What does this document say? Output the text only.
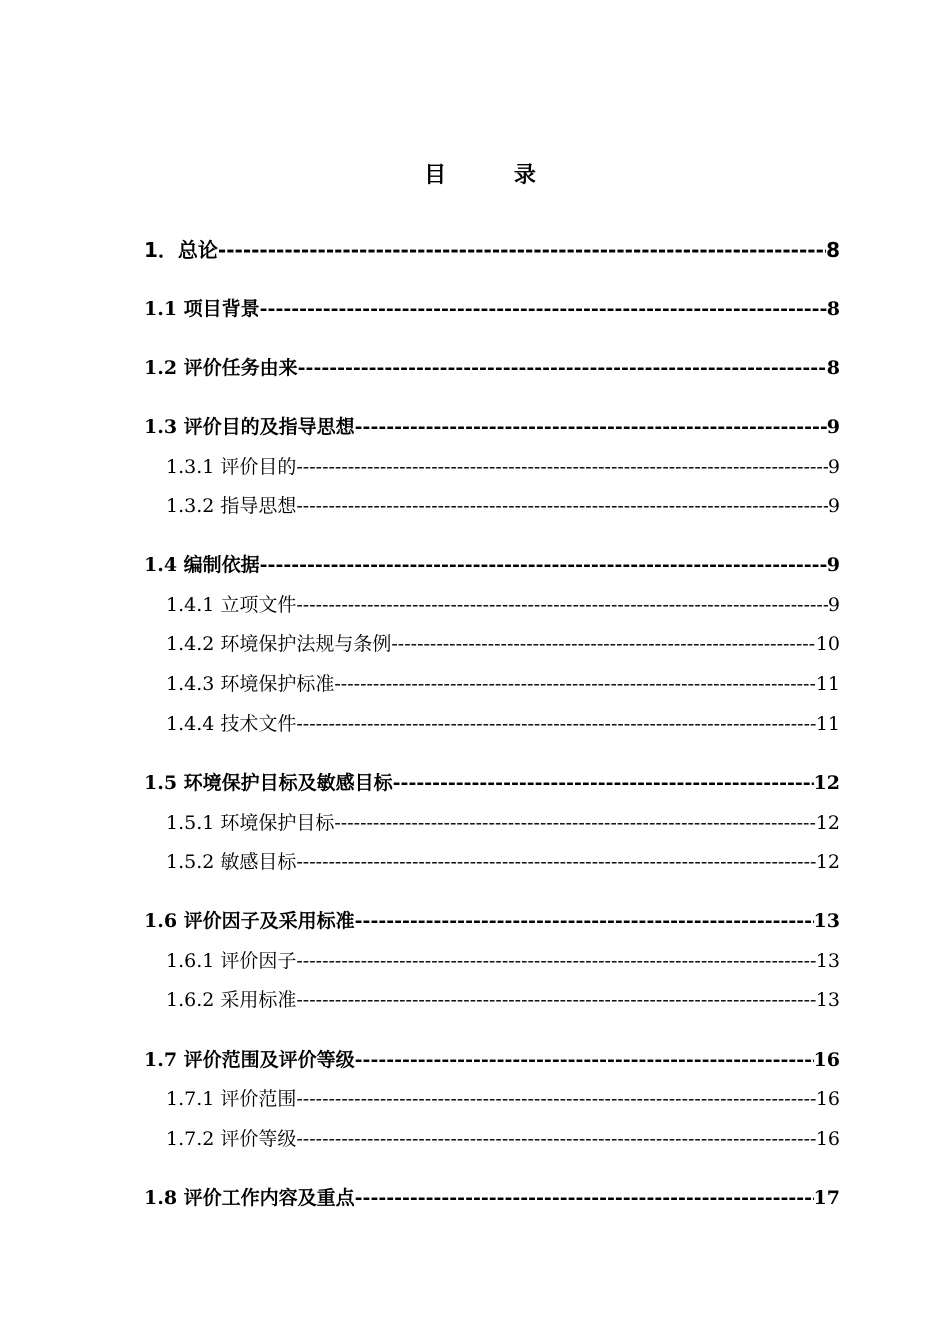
目 录
1．总论 -----	8
1.1 项目背景 -----	8
1.2 评价任务由来 -----	8
1.3 评价目的及指导思想 -----	9
1.3.1 评价目的 -----	9
1.3.2 指导思想 -----	9
1.4 编制依据 -----	9
1.4.1 立项文件 -----	9
1.4.2 环境保护法规与条例 -----	10
1.4.3 环境保护标准 -----	11
1.4.4 技术文件 -----	11
1.5 环境保护目标及敏感目标 -----	12
1.5.1 环境保护目标 -----	12
1.5.2 敏感目标 -----	12
1.6 评价因子及采用标准 -----	13
1.6.1 评价因子 -----	13
1.6.2 采用标准 -----	13
1.7 评价范围及评价等级 -----	16
1.7.1 评价范围 -----	16
1.7.2 评价等级 -----	16
1.8 评价工作内容及重点 -----	17
